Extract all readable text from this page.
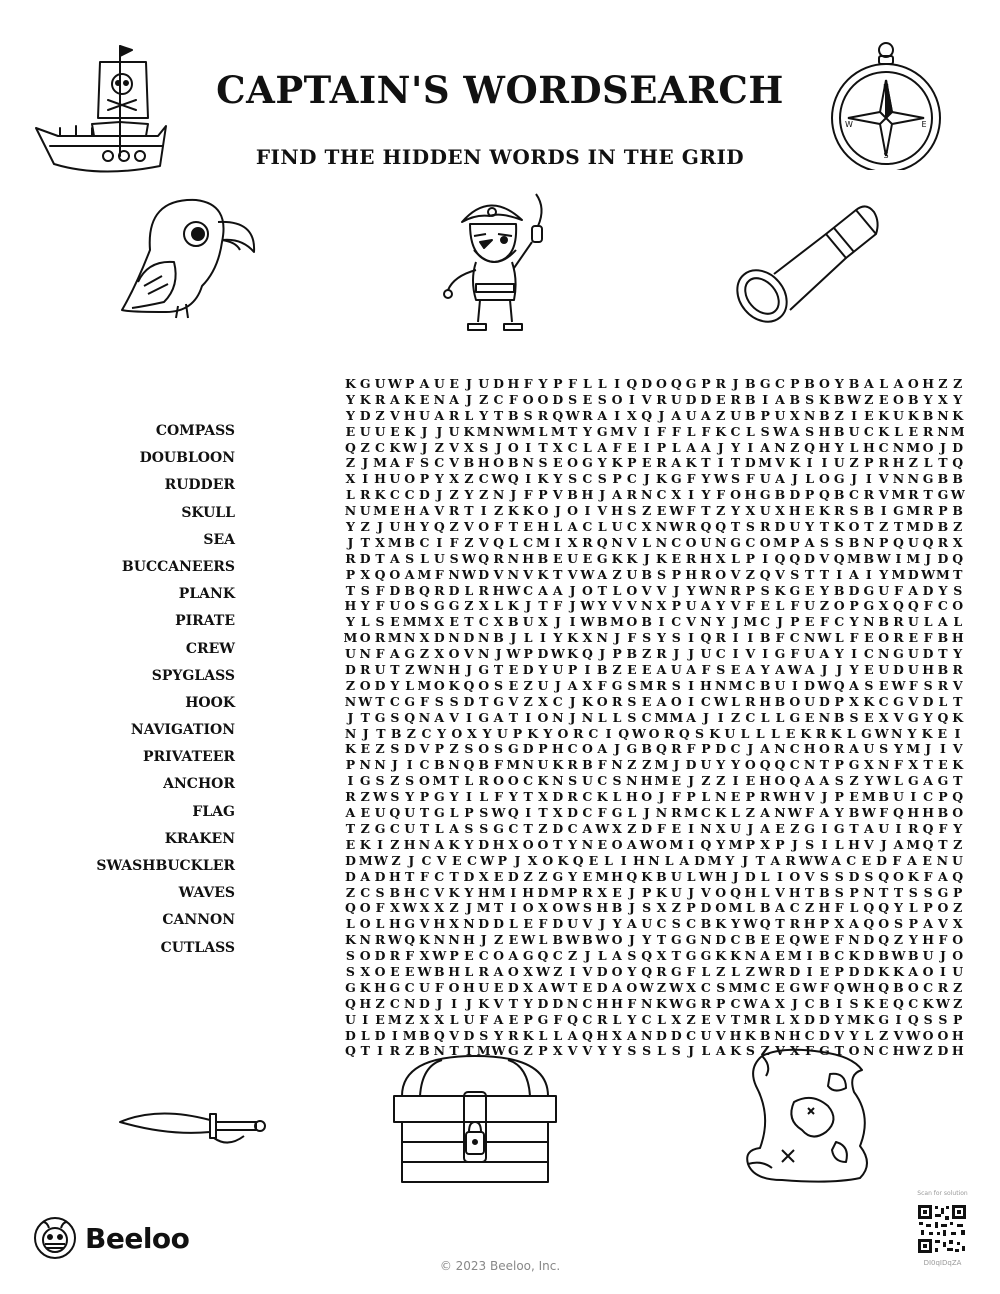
CAPTAIN'S WORDSEARCH
FIND THE HIDDEN WORDS IN THE GRID
N
S
E
W
COMPASS
DOUBLOON
RUDDER
SKULL
SEA
BUCCANEERS
PLANK
PIRATE
CREW
SPYGLASS
HOOK
NAVIGATION
PRIVATEER
ANCHOR
FLAG
KRAKEN
SWASHBUCKLER
WAVES
CANNON
CUTLASS
K G U W P A U E J U D H F Y P F L L I Q D O Q G P R J B G C P B O Y B A L A O H Z Z
Y K R A K E N A J Z C F O O D S E S O I V R U D D E R B I A B S K B W Z E O B Y X Y
Y D Z V H U A R L Y T B S R Q W R A I X Q J A U A Z U B P U X N B Z I E K U K B N K
E U U E K J J U K M N W M L M T Y G M V I F F L F K C L S W A S H B U C K L E R N M
Q Z C K W J Z V X S J O I T X C L A F E I P L A A J Y I A N Z Q H Y L H C N M O J D
Z J M A F S C V B H O B N S E O G Y K P E R A K T I T D M V K I I U Z P R H Z L T Q
X I H U O P Y X Z C W Q I K Y S C S P C J K G F Y W S F U A J L O G J I V N N G B B
L R K C C D J Z Y Z N J F P V B H J A R N C X I Y F O H G B D P Q B C R V M R T G W
N U M E H A V R T I Z K K O J O I V H S Z E W F T Z Y X U X H E K R S B I G M R P B
Y Z J U H Y Q Z V O F T E H L A C L U C X N W R Q Q T S R D U Y T K O T Z T M D B Z
J T X M B C I F Z V Q L C M I X R Q N V L N C O U N G C O M P A S S B N P Q U Q R X
R D T A S L U S W Q R N H B E U E G K K J K E R H X L P I Q Q D V Q M B W I M J D Q
P X Q O A M F N W D V N V K T V W A Z U B S P H R O V Z Q V S T T I A I Y M D W M T
T S F D B Q R D L R H W C A A J O T L O V V J Y W N R P S K G E Y B D G U F A D Y S
H Y F U O S G G Z X L K J T F J W Y V V N X P U A Y V F E L F U Z O P G X Q Q F C O
Y L S E M M X E T C X B U X J I W B M O B I C V N Y J M C J P E F C Y N B R U L A L
M O R M N X D N D N B J L I Y K X N J F S Y S I Q R I I B F C N W L F E O R E F B H
U N F A G Z X O V N J W P D W K Q J P B Z R J J U C I V I G F U A Y I C N G U D T Y
D R U T Z W N H J G T E D Y U P I B Z E E A U A F S E A Y A W A J J Y E U D U H B R
Z O D Y L M O K Q O S E Z U J A X F G S M R S I H N M C B U I D W Q A S E W F S R V
N W T C G F S S D T G V Z X C J K O R S E A O I C W L R H B O U D P X K C G V D L T
J T G S Q N A V I G A T I O N J N L L S C M M A J I Z C L L G E N B S E X V G Y Q K
N J T B Z C Y O X Y U P K Y O R C I Q W O R Q S K U L L L E K R K L G W N Y K E I
K E Z S D V P Z S O S G D P H C O A J G B Q R F P D C J A N C H O R A U S Y M J I V
P N N J I C B N Q B F M N U K R B F N Z Z M J D U Y Y O Q Q C N T P G X N F X T E K
I G S Z S O M T L R O O C K N S U C S N H M E J Z Z I E H O Q A A S Z Y W L G A G T
R Z W S Y P G Y I L F Y T X D R C K L H O J F P L N E P R W H V J P E M B U I C P Q
A E U Q U T G L P S W Q I T X D C F G L J N R M C K L Z A N W F A Y B W F Q H H B O
T Z G C U T L A S S G C T Z D C A W X Z D F E I N X U J A E Z G I G T A U I R Q F Y
E K I Z H N A K Y D H X O O T Y N E O A W O M I Q Y M P X P J S I L H V J A M Q T Z
D M W Z J C V E C W P J X O K Q E L I H N L A D M Y J T A R W W A C E D F A E N U
D A D H T F C T D X E D Z Z G Y E M H Q K B U L W H J D L I O V S S D S Q O K F A Q
Z C S B H C V K Y H M I H D M P R X E J P K U J V O Q H L V H T B S P N T T S S G P
Q O F X W X X Z J M T I O X O W S H B J S X Z P D O M L B A C Z H F L Q Q Y L P O Z
L O L H G V H X N D D L E F D U V J Y A U C S C B K Y W Q T R H P X A Q O S P A V X
K N R W Q K N N H J Z E W L B W B W O J Y T G G N D C B E E Q W E F N D Q Z Y H F O
S O D R F X W P E C O A G Q C Z J L A S Q X T G G K K N A E M I B C K D B W B U J O
S X O E E W B H L R A O X W Z I V D O Y Q R G F L Z L Z W R D I E P D D K K A O I U
G K H G C U F O H U E D X A W T E D A O W Z W X C S M M C E G W F Q W H Q B O C R Z
Q H Z C N D J I J K V T Y D D N C H H F N K W G R P C W A X J C B I S K E Q C K W Z
U I E M Z X X L U F A E P G F Q C R L Y C L X Z E V T M R L X D D Y M K G I Q S S P
D L D I M B Q V D S Y R K L L A Q H X A N D D C U V H K B N H C D V Y L Z V W O O H
Q T I R Z B N T T M W G Z P X V V Y Y S S L S J L A K S Z V X F G T O N C H W Z D H
Beeloo
© 2023 Beeloo, Inc.
Scan for solution
DI0qIDqZA
